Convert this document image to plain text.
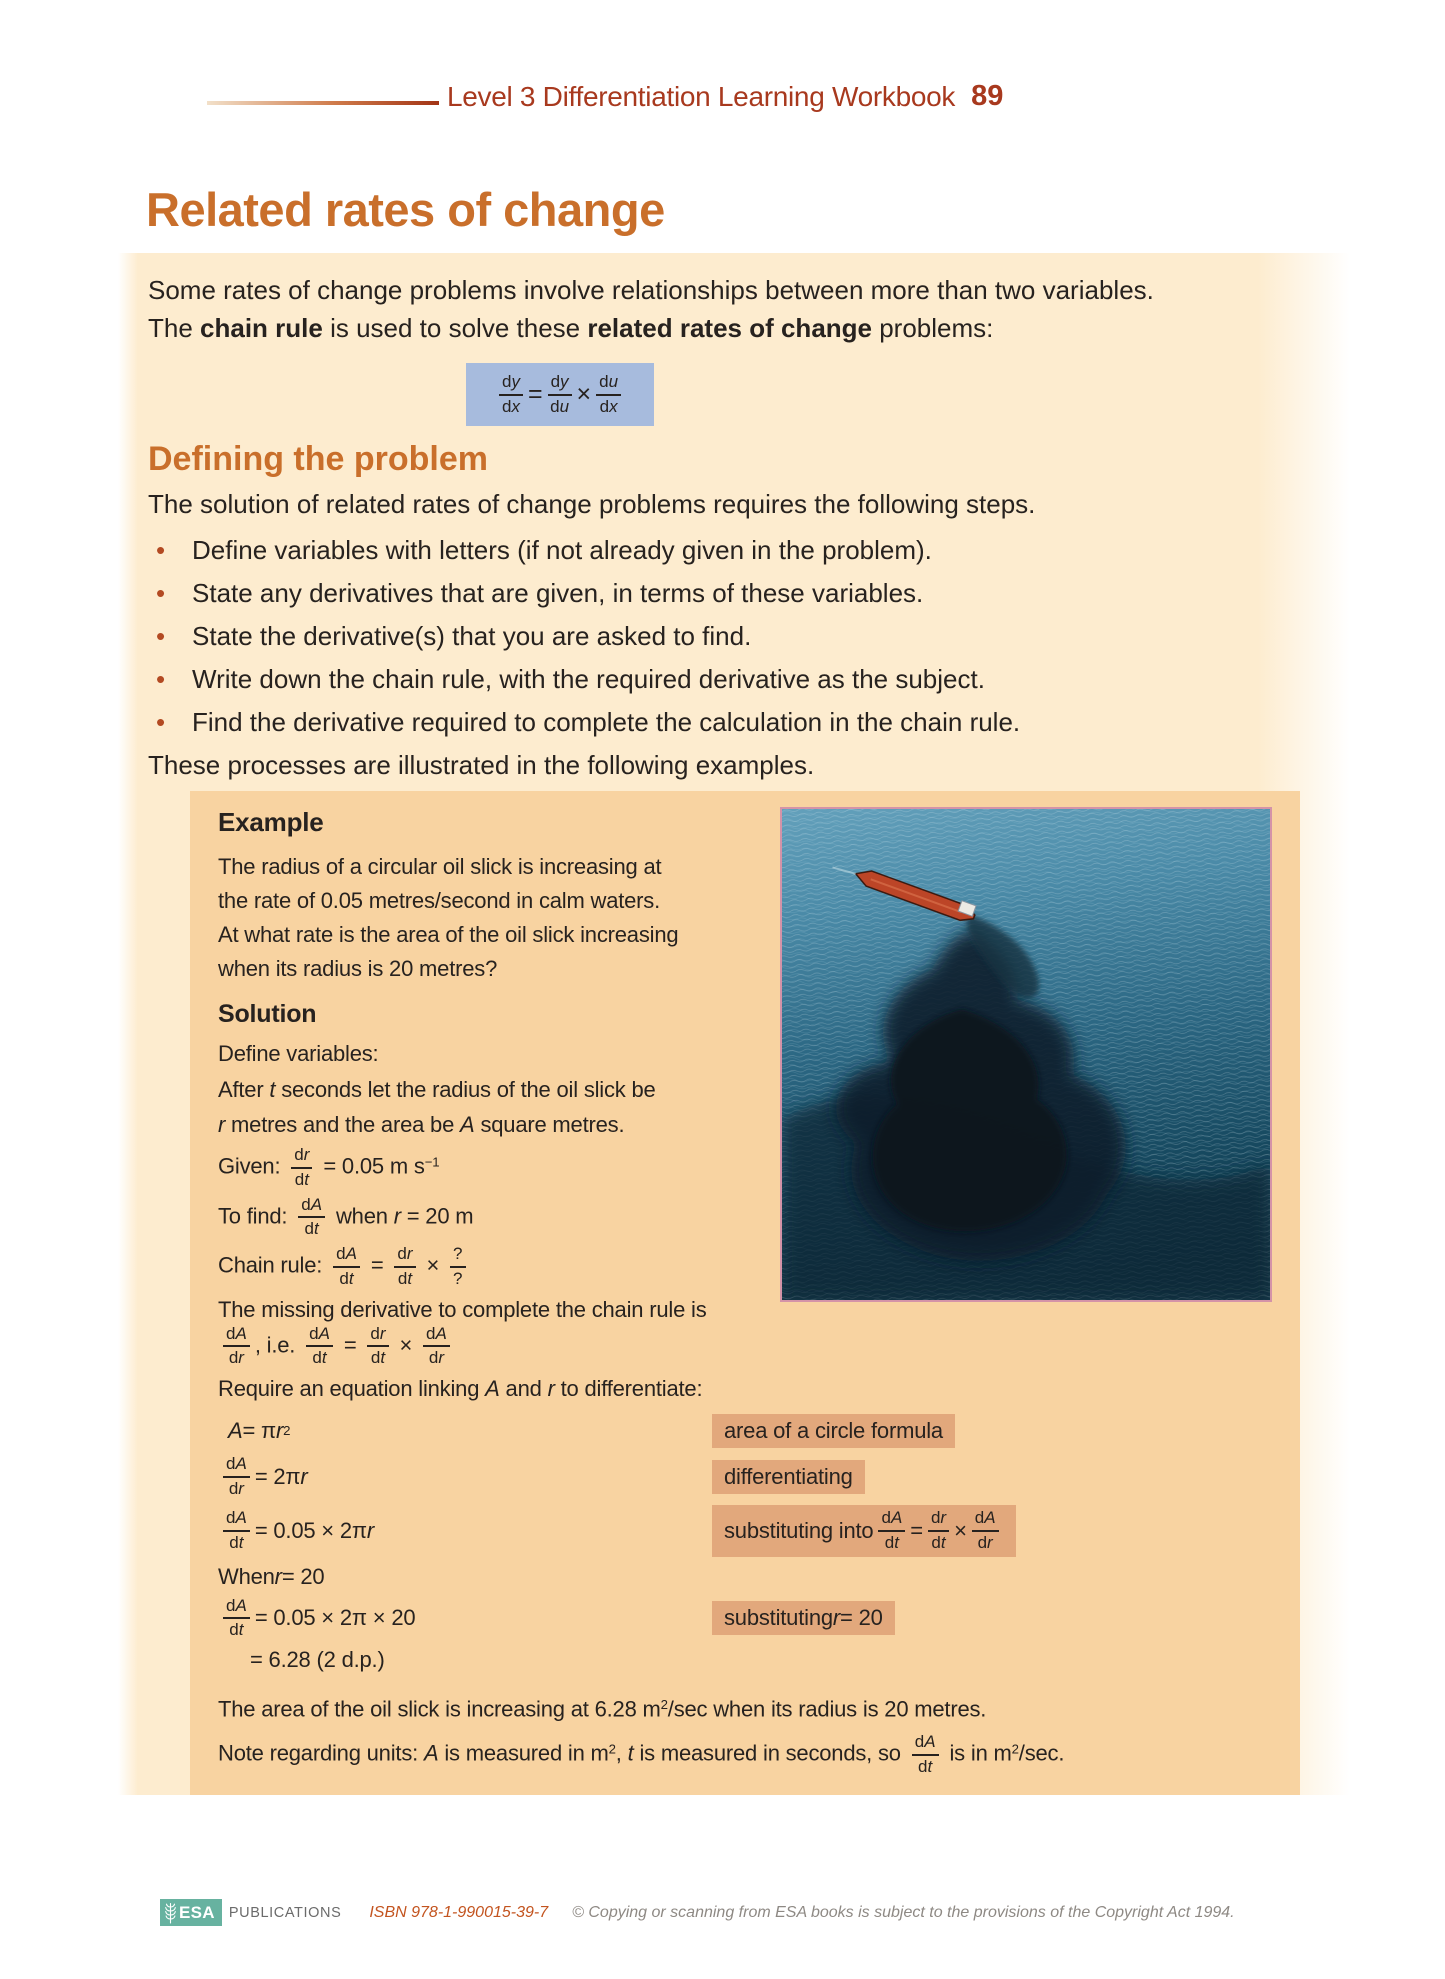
Level 3 Differentiation Learning Workbook 89
Related rates of change

Some rates of change problems involve relationships between more than two variables. The chain rule is used to solve these related rates of change problems:

$\frac{dy}{dx} = \frac{dy}{du} \times \frac{du}{dx}$
Defining the problem

The solution of related rates of change problems requires the following steps.

•	Define variables with letters (if not already given in the problem).
•	State any derivatives that are given, in terms of these variables.
•	State the derivative(s) that you are asked to find.
•	Write down the chain rule, with the required derivative as the subject.
•	Find the derivative required to complete the calculation in the chain rule.

These processes are illustrated in the following examples.

Example
The radius of a circular oil slick is increasing at
the rate of 0.05 metres/second in calm waters.
At what rate is the area of the oil slick increasing
when its radius is 20 metres?
Solution
Define variables:
After t seconds let the radius of the oil slick be
r metres and the area be A square metres.
Given: $\frac{dr}{dt} = 0.05$ m $s^{-1}$
To find: $\frac{dA}{dt}$ when r = 20 m
Chain rule: $\frac{dA}{dt} = \frac{dr}{dt} \times \frac{?}{?}$
The missing derivative to complete the chain rule is
$\frac{dA}{dr}$ , i.e. $\frac{dA}{dt} = \frac{dr}{dt} \times \frac{dA}{dr}$
Require an equation linking A and r to differentiate:
A = π r 2	area of a circle formula
$\frac{dA}{dr} = 2\pi$ r	differentiating
$\frac{dA}{dt} = 0.05 \times 2\pi$ r	substituting into $\frac{dA}{dt} = \frac{dr}{dt} \times \frac{dA}{dr}$
When r = 20
$\frac{dA}{dt} = 0.05 \times 2\pi \times 20$	substituting r = 20
= 6.28 (2 d.p.)

The area of the oil slick is increasing at 6.28 $m^2/\sec$ when its radius is 20 metres.

Note regarding units: A is measured in $m^2$, t is measured in seconds, so $\frac{dA}{dt}$ is in $m^2/\sec$.

ESA PUBLICATIONS ISBN 978-1-990015-39-7 © Copying or scanning from ESA books is subject to the provisions of the Copyright Act 1994.
